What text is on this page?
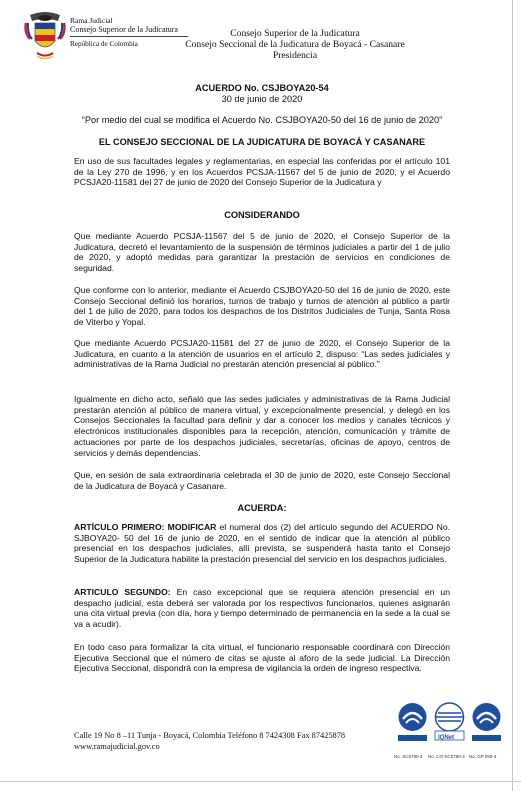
Rama Judicial
Consejo Superior de la Judicatura
República de Colombia
Consejo Superior de la Judicatura
Consejo Seccional de la Judicatura de Boyacá - Casanare
Presidencia
ACUERDO No. CSJBOYA20-54
30 de junio de 2020
“Por medio del cual se modifica el Acuerdo No. CSJBOYA20-50 del 16 de junio de 2020”
EL CONSEJO SECCIONAL DE LA JUDICATURA DE BOYACÁ Y CASANARE
En uso de sus facultades legales y reglamentarias, en especial las conferidas por el artículo 101 de la Ley 270 de 1996, y en los Acuerdos PCSJA-11567 del 5 de junio de 2020, y el Acuerdo PCSJA20-11581 del 27 de junio de 2020 del Consejo Superior de la Judicatura y
CONSIDERANDO
Que mediante Acuerdo PCSJA-11567 del 5 de junio de 2020, el Consejo Superior de la Judicatura, decretó el levantamiento de la suspensión de términos judiciales a partir del 1 de julio de 2020, y adoptó medidas para garantizar la prestación de servicios en condiciones de seguridad.
Que conforme con lo anterior, mediante el Acuerdo CSJBOYA20-50 del 16 de junio de 2020, este Consejo Seccional definió los horarios, turnos de trabajo y turnos de atención al público a partir del 1 de julio de 2020, para todos los despachos de los Distritos Judiciales de Tunja, Santa Rosa de Viterbo y Yopal.
Que mediante Acuerdo PCSJA20-11581 del 27 de junio de 2020, el Consejo Superior de la Judicatura, en cuanto a la atención de usuarios en el artículo 2, dispuso: “Las sedes judiciales y administrativas de la Rama Judicial no prestarán atención presencial al público.”
Igualmente en dicho acto, señaló que las sedes judiciales y administrativas de la Rama Judicial prestarán atención al público de manera virtual, y excepcionalmente presencial, y delegó en los Consejos Seccionales la facultad para definir y dar a conocer los medios y canales técnicos y electrónicos institucionales disponibles para la recepción, atención, comunicación y trámite de actuaciones por parte de los despachos judiciales, secretarías, oficinas de apoyo, centros de servicios y demás dependencias.
Que, en sesión de sala extraordinaria celebrada el 30 de junio de 2020, este Consejo Seccional de la Judicatura de Boyacá y Casanare.
ACUERDA:
ARTÍCULO PRIMERO: MODIFICAR el numeral dos (2) del artículo segundo del ACUERDO No. SJBOYA20- 50 del 16 de junio de 2020, en el sentido de indicar que la atención al público presencial en los despachos judiciales, allí prevista, se suspenderá hasta tanto el Consejo Superior de la Judicatura habilite la prestación presencial del servicio en los despachos judiciales.
ARTICULO SEGUNDO: En caso excepcional que se requiera atención presencial en un despacho judicial, esta deberá ser valorada por los respectivos funcionarios, quienes asignarán una cita virtual previa (con día, hora y tiempo determinado de permanencia en la sede a la cual se va a acudir).
En todo caso para formalizar la cita virtual, el funcionario responsable coordinará con Dirección Ejecutiva Seccional que el número de citas se ajuste al aforo de la sede judicial. La Dirección Ejecutiva Seccional, dispondrá con la empresa de vigilancia la orden de ingreso respectiva.
Calle 19 No 8 –11 Tunja - Boyacá, Colombia Teléfono 8 7424308 Fax 87425878
www.ramajudicial.gov.co	ISO 9001
No. SC5780-4
IQNet
No. CO-SC5780-4
NTC GP 1000
No. GP 059-4
